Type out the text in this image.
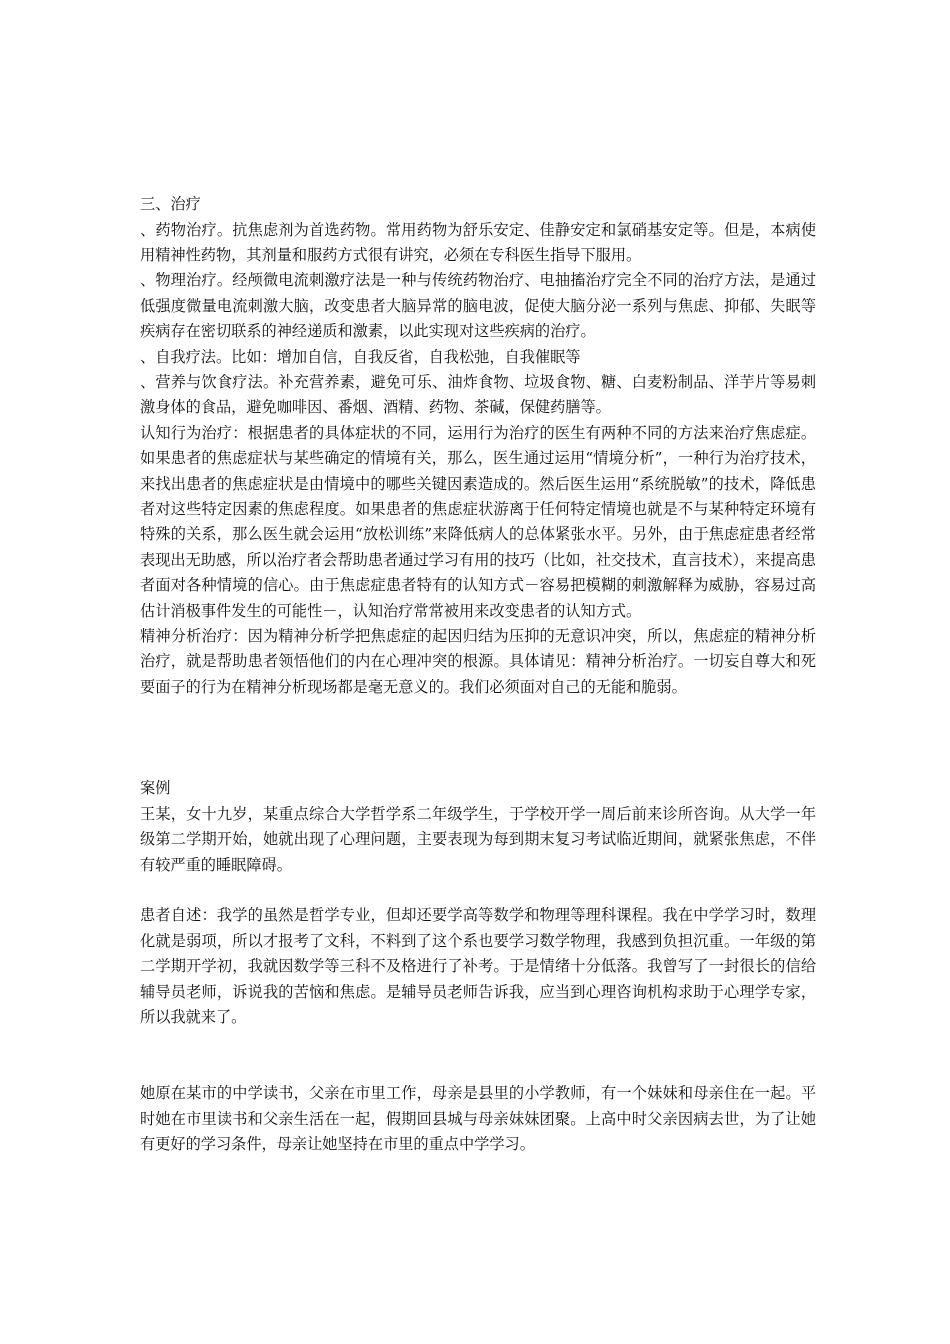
三、治疗
、药物治疗。抗焦虑剂为首选药物。常用药物为舒乐安定、佳静安定和氯硝基安定等。但是，本病使用精神性药物，其剂量和服药方式很有讲究，必须在专科医生指导下服用。
、物理治疗。经颅微电流刺激疗法是一种与传统药物治疗、电抽搐治疗完全不同的治疗方法，是通过低强度微量电流刺激大脑，改变患者大脑异常的脑电波，促使大脑分泌一系列与焦虑、抑郁、失眠等疾病存在密切联系的神经递质和激素，以此实现对这些疾病的治疗。
、自我疗法。比如：增加自信，自我反省，自我松弛，自我催眠等
、营养与饮食疗法。补充营养素，避免可乐、油炸食物、垃圾食物、糖、白麦粉制品、洋芋片等易刺激身体的食品，避免咖啡因、番烟、酒精、药物、茶碱，保健药膳等。
认知行为治疗：根据患者的具体症状的不同，运用行为治疗的医生有两种不同的方法来治疗焦虑症。如果患者的焦虑症状与某些确定的情境有关，那么，医生通过运用“情境分析”，一种行为治疗技术，来找出患者的焦虑症状是由情境中的哪些关键因素造成的。然后医生运用“系统脱敏”的技术，降低患者对这些特定因素的焦虑程度。如果患者的焦虑症状游离于任何特定情境也就是不与某种特定环境有特殊的关系，那么医生就会运用“放松训练”来降低病人的总体紧张水平。另外，由于焦虑症患者经常表现出无助感，所以治疗者会帮助患者通过学习有用的技巧（比如，社交技术，直言技术），来提高患者面对各种情境的信心。由于焦虑症患者特有的认知方式－容易把模糊的刺激解释为威胁，容易过高估计消极事件发生的可能性－，认知治疗常常被用来改变患者的认知方式。
精神分析治疗：因为精神分析学把焦虑症的起因归结为压抑的无意识冲突，所以，焦虑症的精神分析治疗，就是帮助患者领悟他们的内在心理冲突的根源。具体请见：精神分析治疗。一切妄自尊大和死要面子的行为在精神分析现场都是毫无意义的。我们必须面对自己的无能和脆弱。
案例
王某，女十九岁，某重点综合大学哲学系二年级学生，于学校开学一周后前来诊所咨询。从大学一年级第二学期开始，她就出现了心理问题，主要表现为每到期末复习考试临近期间，就紧张焦虑，不伴有较严重的睡眠障碍。
患者自述：我学的虽然是哲学专业，但却还要学高等数学和物理等理科课程。我在中学学习时，数理化就是弱项，所以才报考了文科，不料到了这个系也要学习数学物理，我感到负担沉重。一年级的第二学期开学初，我就因数学等三科不及格进行了补考。于是情绪十分低落。我曾写了一封很长的信给辅导员老师，诉说我的苦恼和焦虑。是辅导员老师告诉我，应当到心理咨询机构求助于心理学专家，所以我就来了。
她原在某市的中学读书，父亲在市里工作，母亲是县里的小学教师，有一个妹妹和母亲住在一起。平时她在市里读书和父亲生活在一起，假期回县城与母亲妹妹团聚。上高中时父亲因病去世，为了让她有更好的学习条件，母亲让她坚持在市里的重点中学学习。
